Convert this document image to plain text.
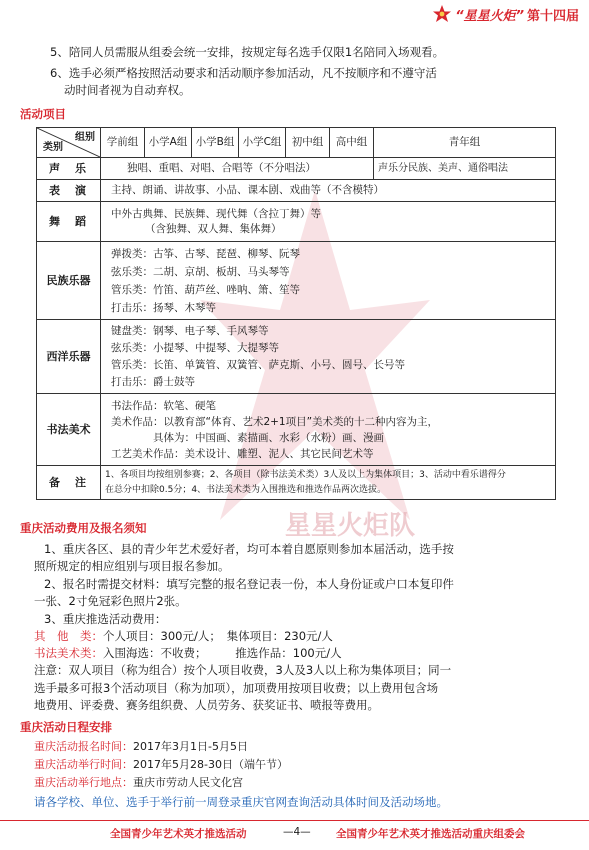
星星火炬队
“星星火炬” 第十四届
5、陪同人员需服从组委会统一安排，按规定每名选手仅限1名陪同入场观看。
6、选手必须严格按照活动要求和活动顺序参加活动，凡不按顺序和不遵守活
动时间者视为自动弃权。
活动项目
组别
类别	学前组	小学A组	小学B组	小学C组	初中组	高中组	青年组
声　乐	独唱、重唱、对唱、合唱等（不分唱法）						声乐分民族、美声、通俗唱法
表　演	主持、朗诵、讲故事、小品、课本剧、戏曲等（不含模特）						

舞　蹈	中外古典舞、民族舞、现代舞（含拉丁舞）等
（含独舞、双人舞、集体舞）						

民族乐器	弹拨类：古筝、古琴、琵琶、柳琴、阮琴
弦乐类：二胡、京胡、板胡、马头琴等
管乐类：竹笛、葫芦丝、唑呐、箫、笙等
打击乐：扬琴、木琴等						

西洋乐器	键盘类：钢琴、电子琴、手风琴等
弦乐类：小提琴、中提琴、大提琴等
管乐类：长笛、单簧管、双簧管、萨克斯、小号、圆号、长号等
打击乐：爵士鼓等						

书法美术	书法作品：软笔、硬笔
美术作品：以教育部“体育、艺术2+1项目”美术类的十二种内容为主，
　　　　具体为：中国画、素描画、水彩（水粉）画、漫画
工艺美术作品：美术设计、雕塑、泥人、其它民间艺术等						

备　注	1、各项目均按组别参赛；2、各项目（除书法美术类）3人及以上为集体项目；3、活动中看乐谱得分
在总分中扣除0.5分；4、书法美术类为入围推选和推选作品两次选拔。						
重庆活动费用及报名须知
1、重庆各区、县的青少年艺术爱好者，均可本着自愿原则参加本届活动，选手按
照所规定的相应组别与项目报名参加。
2、报名时需提交材料：填写完整的报名登记表一份，本人身份证或户口本复印件
一张、2寸免冠彩色照片2张。
3、重庆推选活动费用：
其　他　类：个人项目：300元/人；　集体项目：230元/人
书法美术类：入围海选：不收费；　　　推选作品：100元/人
注意：双人项目（称为组合）按个人项目收费，3人及3人以上称为集体项目；同一
选手最多可报3个活动项目（称为加项），加项费用按项目收费；以上费用包含场
地费用、评委费、赛务组织费、人员劳务、获奖证书、喷报等费用。
重庆活动日程安排
重庆活动报名时间：2017年3月1日-5月5日
重庆活动举行时间：2017年5月28-30日（端午节）
重庆活动举行地点：重庆市劳动人民文化宫
请各学校、单位、选手于举行前一周登录重庆官网查询活动具体时间及活动场地。
全国青少年艺术英才推选活动	—4— 全国青少年艺术英才推选活动重庆组委会
